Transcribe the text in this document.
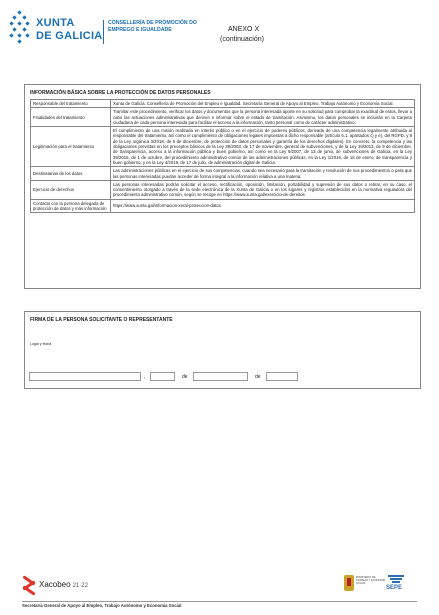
XUNTA
DE GALICIA
CONSELLERÍA DE PROMOCIÓN DO EMPREGO E IGUALDADE	ANEXO X
(continuación)
INFORMACIÓN BÁSICA SOBRE LA PROTECCIÓN DE DATOS PERSONALES
Responsable del tratamiento	Xunta de Galicia. Consellería de Promoción del Empleo e Igualdad. Secretaría General de Apoyo al Empleo, Trabajo Autónomo y Economía Social.
Finalidades del tratamiento	Tramitar este procedimiento, verificar los datos y documentos que la persona interesada aporte en su solicitud para comprobar la exactitud de estos, llevar a cabo las actuaciones administrativas que deriven e informar sobre el estado de tramitación. Asimismo, los datos personales se incluirán en la Carpeta ciudadana de cada persona interesada para facilitar el acceso a la información, tanto personal como de carácter administrativo.
Legitimación para el tratamiento	El cumplimiento de una misión realizada en interés público o en el ejercicio de poderes públicos, derivada de una competencia legalmente atribuida al responsable del tratamiento, así como el cumplimiento de obligaciones legales impuestas a dicho responsable (artículo 6.1, apartados c) y e), del RGPD, y 8 de la Ley orgánica 3/2018, de 5 de diciembre, de protección de datos personales y garantía de los derechos digitales). En concreto, la competencia y las obligaciones previstas en los preceptos básicos de la Ley 38/2003, de 17 de noviembre, general de subvenciones, y de la Ley 19/2013, de 9 de diciembre, de transparencia, acceso a la información pública y buen gobierno, así como en la Ley 9/2007, de 13 de junio, de subvenciones de Galicia, en la Ley 39/2015, de 1 de octubre, del procedimiento administrativo común de las administraciones públicas, en la Ley 1/2016, de 18 de enero, de transparencia y buen gobierno, y en la Ley 4/2019, de 17 de julio, de administración digital de Galicia.
Destinatarias de los datos	Las administraciones públicas en el ejercicio de sus competencias, cuando sea necesario para la tramitación y resolución de sus procedimientos o para que las personas interesadas puedan acceder de forma integral a la información relativa a una materia.
Ejercicio de derechos	Las personas interesadas podrán solicitar el acceso, rectificación, oposición, limitación, portabilidad y supresión de sus datos o retirar, en su caso, el consentimiento otorgado a través de la sede electrónica de la Xunta de Galicia o en los lugares y registros establecidos en la normativa reguladora del procedimiento administrativo común, según se recoge en https://www.xunta.gal/exercicio-de-dereitos
Contacto con la persona delegada de protección de datos y más información	https://www.xunta.gal/informacion-xeral-proteccion-datos
FIRMA DE LA PERSONA SOLICITANTE O REPRESENTANTE
Lugar y fecha
,	de	de
Xacobeo 21·22
MINISTERIO DE TRABAJO Y ECONOMÍA SOCIAL
SEPE
Secretaría General de Apoyo al Empleo, Trabajo Autónomo y Economía Social
